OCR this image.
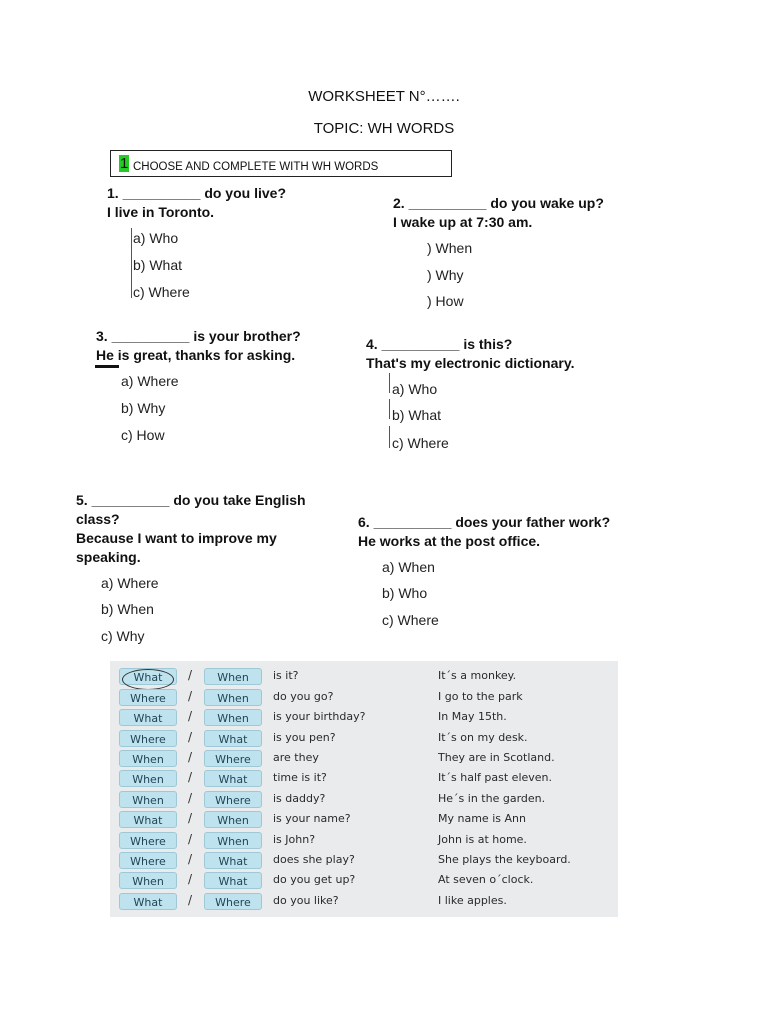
WORKSHEET N°…….
TOPIC: WH WORDS
1 CHOOSE AND COMPLETE WITH WH WORDS
1. __________ do you live?
I live in Toronto.
a) Who
b) What
c) Where
2. __________ do you wake up?
I wake up at 7:30 am.
) When
) Why
) How
3. __________ is your brother?
He is great, thanks for asking.
a) Where
b) Why
c) How
4. __________ is this?
That's my electronic dictionary.
a) Who
b) What
c) Where
5. __________ do you take English
class?
Because I want to improve my
speaking.
a) Where
b) When
c) Why
6. __________ does your father work?
He works at the post office.
a) When
b) Who
c) Where
What	/	When	is it?	It´s a monkey.
Where	/	When	do you go?	I go to the park
What	/	When	is your birthday?	In May 15th.
Where	/	What	is you pen?	It´s on my desk.
When	/	Where	are they	They are in Scotland.
When	/	What	time is it?	It´s half past eleven.
When	/	Where	is daddy?	He´s in the garden.
What	/	When	is your name?	My name is Ann
Where	/	When	is John?	John is at home.
Where	/	What	does she play?	She plays the keyboard.
When	/	What	do you get up?	At seven o´clock.
What	/	Where	do you like?	I like apples.
